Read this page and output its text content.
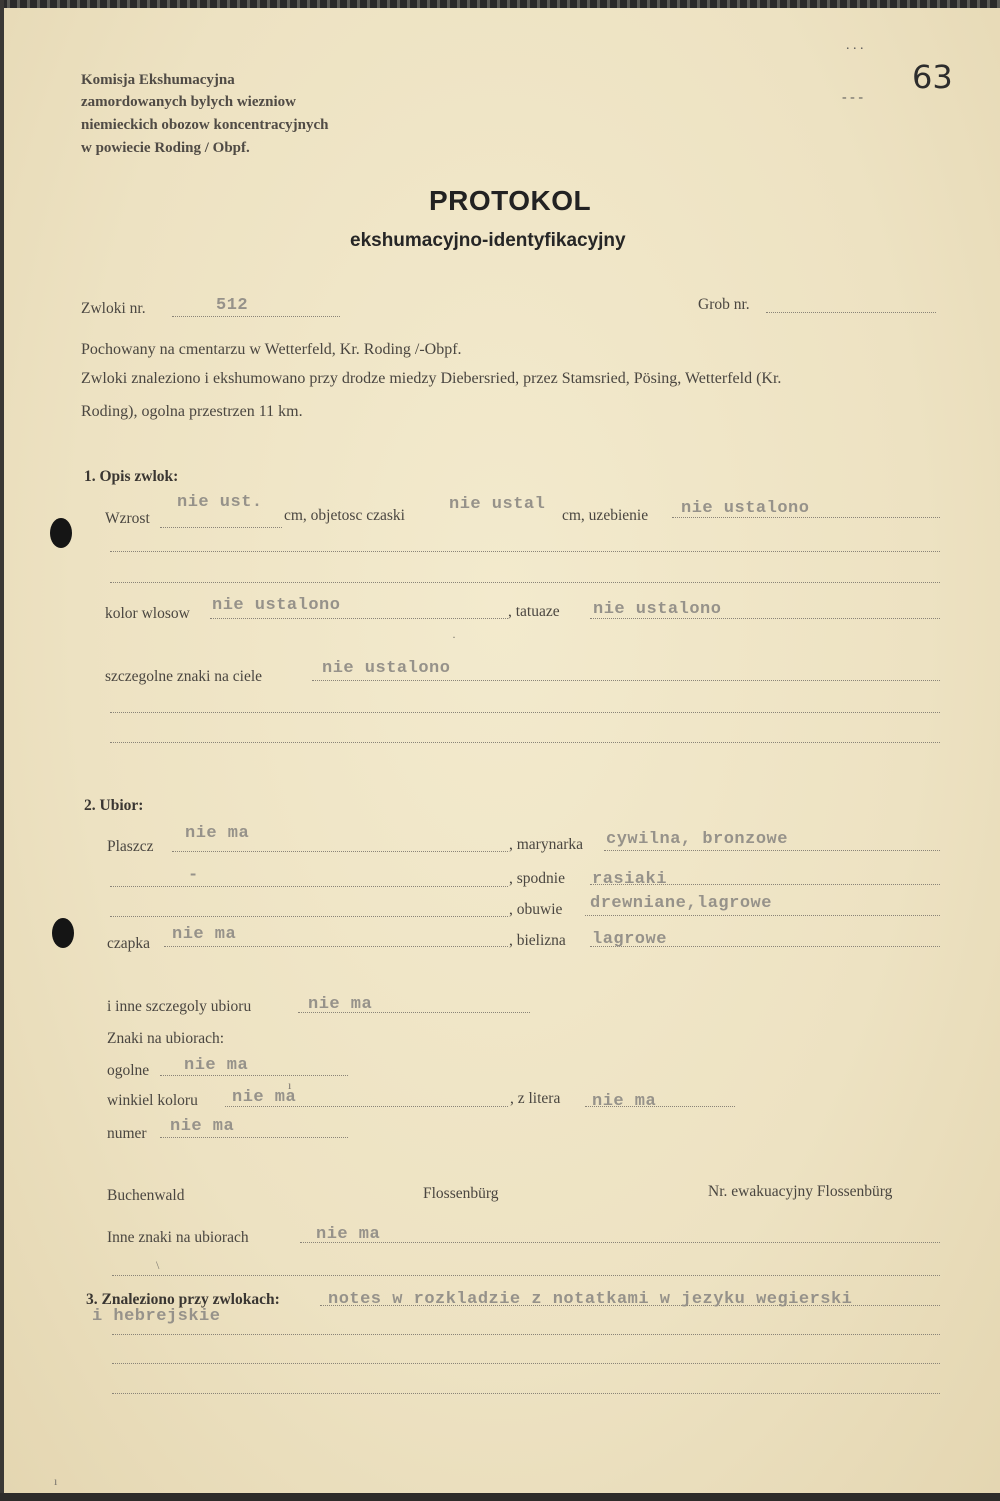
Komisja Ekshumacyjna
zamordowanych bylych wiezniow
niemieckich obozow koncentracyjnych
w powiecie Roding / Obpf.
63
. . .
- - -
PROTOKOL
ekshumacyjno-identyfikacyjny
Zwloki nr.	512	Grob nr.
Pochowany na cmentarzu w Wetterfeld, Kr. Roding /-Obpf.
Zwloki znaleziono i ekshumowano przy drodze miedzy Diebersried, przez Stamsried, Pösing, Wetterfeld (Kr.
Roding), ogolna przestrzen 11 km.
1. Opis zwlok:
Wzrost
nie ust.
cm, objetosc czaski
nie ustal
cm, uzebienie nie ustalono
kolor wlosow nie ustalono	, tatuaze nie ustalono
szczegolne znaki na ciele	nie ustalono
2. Ubior:
Plaszcz
nie ma
, marynarka cywilna, bronzowe
-	, spodnie rasiaki
, obuwie drewniane,lagrowe
czapka nie ma	, bielizna lagrowe
i inne szczegoly ubioru	nie ma
Znaki na ubiorach:
ogolne nie ma
winkiel koloru nie ma	, z litera nie ma
numer nie ma
Buchenwald	Flossenbürg	Nr. ewakuacyjny Flossenbürg
Inne znaki na ubiorach	nie ma
3. Znaleziono przy zwlokach:	notes w rozkladzie z notatkami w jezyku wegierski
i hebrejskie
·
ı
\
ı
